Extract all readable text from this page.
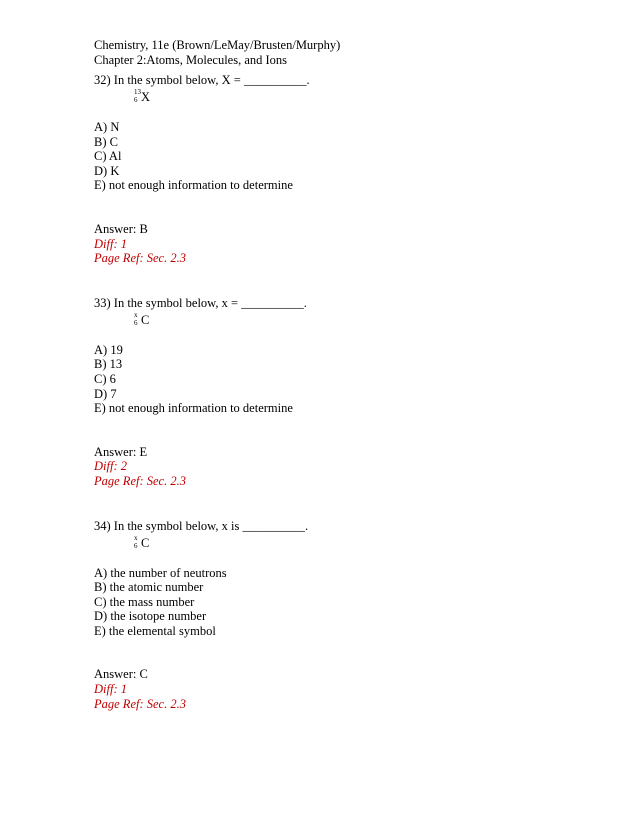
Chemistry, 11e (Brown/LeMay/Brusten/Murphy)
Chapter 2:Atoms, Molecules, and Ions
32) In the symbol below, X = __________.
13
6 X
A) N
B) C
C) Al
D) K
E) not enough information to determine
Answer: B
Diff: 1
Page Ref: Sec. 2.3
33) In the symbol below, x = __________.
x
6 C
A) 19
B) 13
C) 6
D) 7
E) not enough information to determine
Answer: E
Diff: 2
Page Ref: Sec. 2.3
34) In the symbol below, x is __________.
x
6 C
A) the number of neutrons
B) the atomic number
C) the mass number
D) the isotope number
E) the elemental symbol
Answer: C
Diff: 1
Page Ref: Sec. 2.3
